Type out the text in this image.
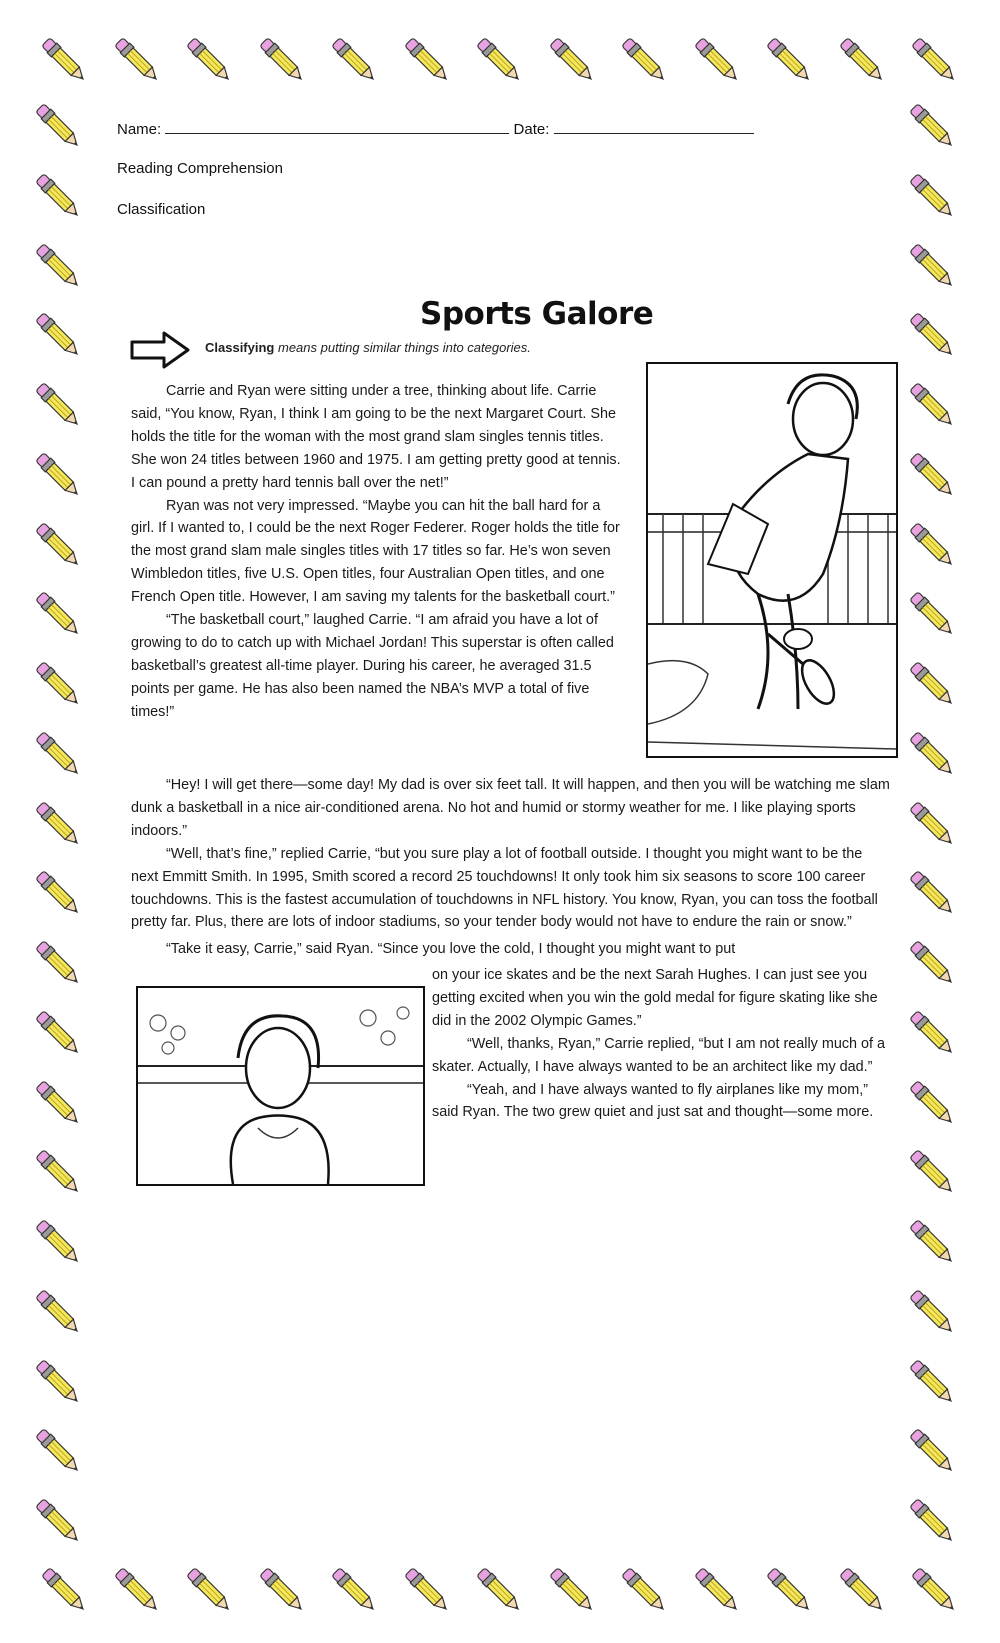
Name:	Date:
Reading Comprehension
Classification
Sports Galore
Classifying means putting similar things into categories.

Carrie and Ryan were sitting under a tree, thinking about life. Carrie said, “You know, Ryan, I think I am going to be the next Margaret Court. She holds the title for the woman with the most grand slam singles tennis titles. She won 24 titles between 1960 and 1975. I am getting pretty good at tennis. I can pound a pretty hard tennis ball over the net!”

Ryan was not very impressed. “Maybe you can hit the ball hard for a girl. If I wanted to, I could be the next Roger Federer. Roger holds the title for the most grand slam male singles titles with 17 titles so far. He’s won seven Wimbledon titles, five U.S. Open titles, four Australian Open titles, and one French Open title. However, I am saving my talents for the basketball court.”

“The basketball court,” laughed Carrie. “I am afraid you have a lot of growing to do to catch up with Michael Jordan! This superstar is often called basketball’s greatest all-time player. During his career, he averaged 31.5 points per game. He has also been named the NBA’s MVP a total of five times!”

“Hey! I will get there—some day! My dad is over six feet tall. It will happen, and then you will be watching me slam dunk a basketball in a nice air-conditioned arena. No hot and humid or stormy weather for me. I like playing sports indoors.”

“Well, that’s fine,” replied Carrie, “but you sure play a lot of football outside. I thought you might want to be the next Emmitt Smith. In 1995, Smith scored a record 25 touchdowns! It only took him six seasons to score 100 career touchdowns. This is the fastest accumulation of touchdowns in NFL history. You know, Ryan, you can toss the football pretty far. Plus, there are lots of indoor stadiums, so your tender body would not have to endure the rain or snow.”

“Take it easy, Carrie,” said Ryan. “Since you love the cold, I thought you might want to put

on your ice skates and be the next Sarah Hughes. I can just see you getting excited when you win the gold medal for figure skating like she did in the 2002 Olympic Games.”

“Well, thanks, Ryan,” Carrie replied, “but I am not really much of a skater. Actually, I have always wanted to be an architect like my dad.”

“Yeah, and I have always wanted to fly airplanes like my mom,” said Ryan. The two grew quiet and just sat and thought—some more.
